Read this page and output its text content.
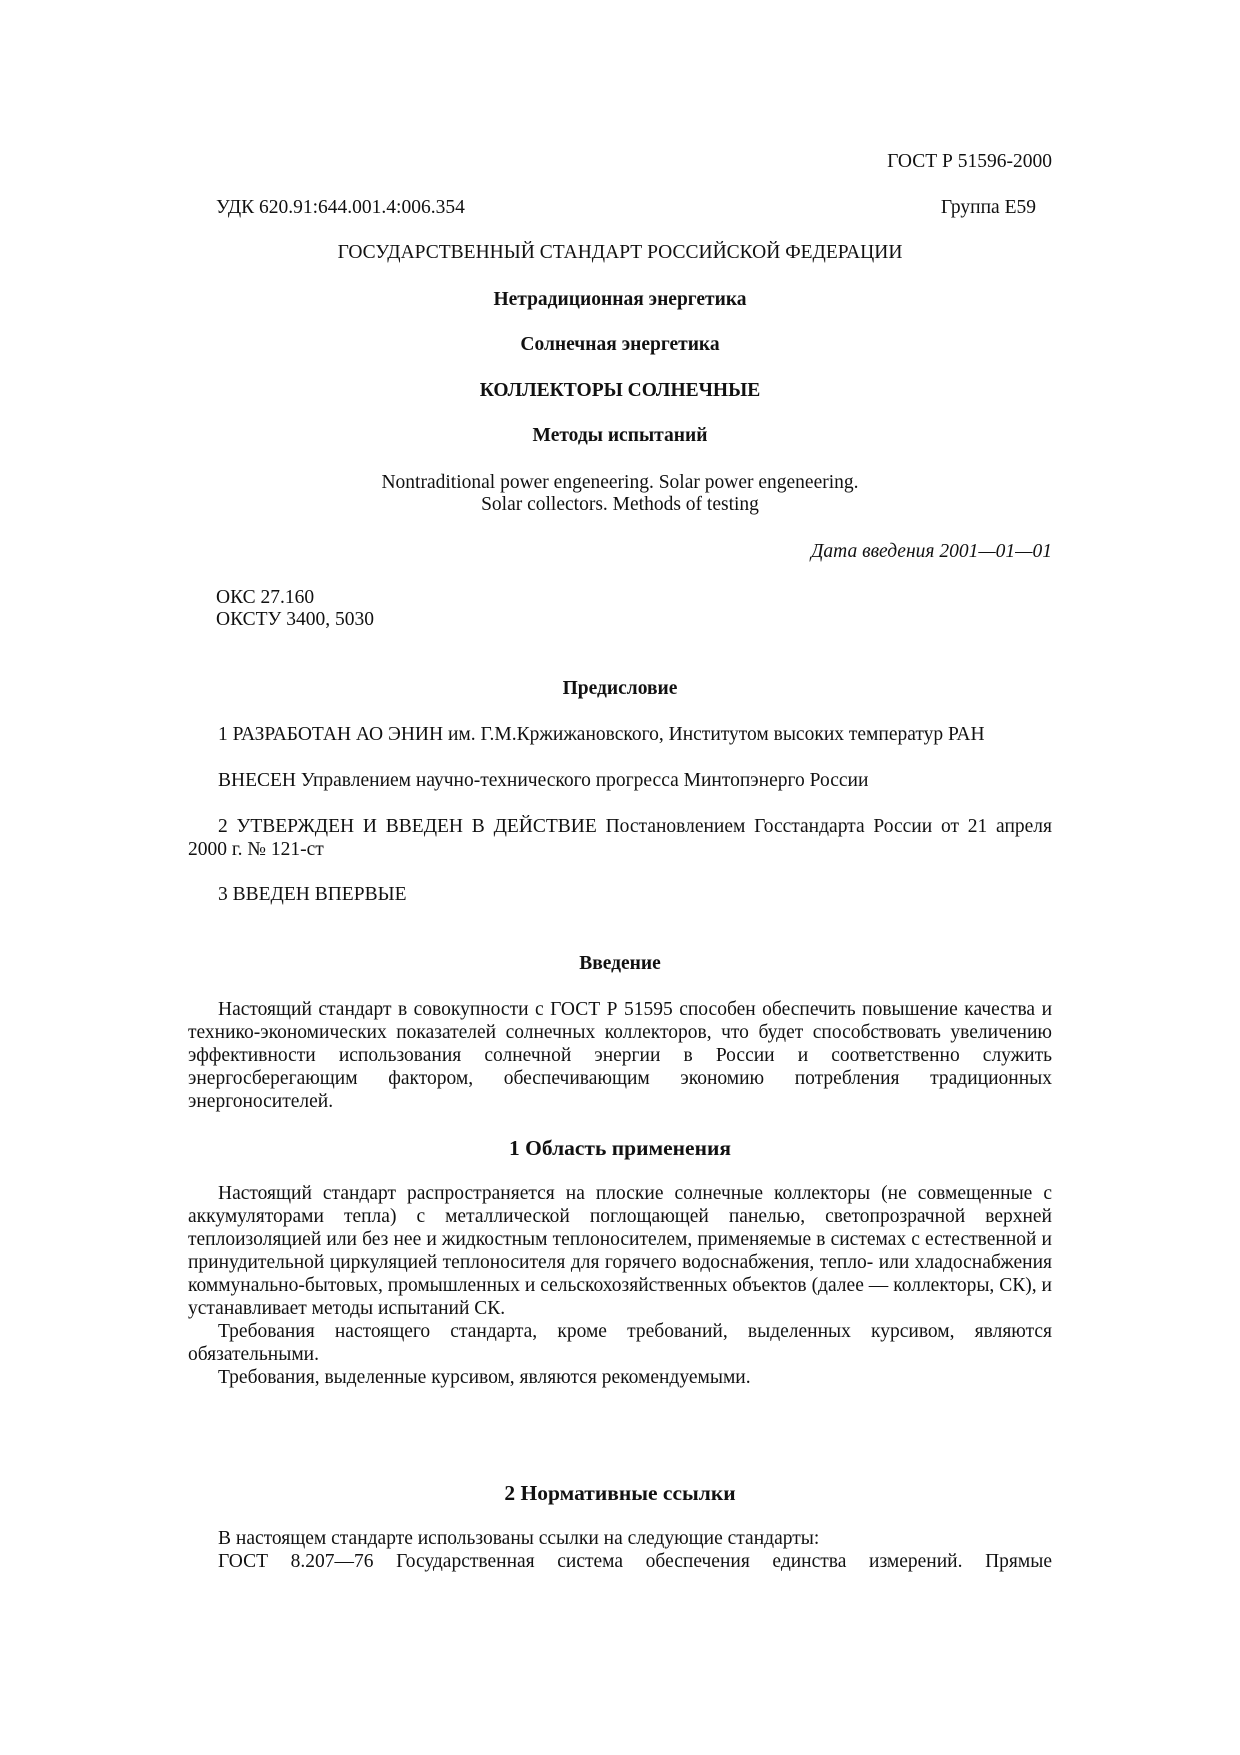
ГОСТ Р 51596-2000
УДК 620.91:644.001.4:006.354	Группа Е59
ГОСУДАРСТВЕННЫЙ СТАНДАРТ РОССИЙСКОЙ ФЕДЕРАЦИИ
Нетрадиционная энергетика
Солнечная энергетика
КОЛЛЕКТОРЫ СОЛНЕЧНЫЕ
Методы испытаний
Nontraditional power engeneering. Solar power engeneering.
Solar collectors. Methods of testing
Дата введения 2001—01—01
ОКС 27.160
ОКСТУ 3400, 5030
Предисловие
1 РАЗРАБОТАН АО ЭНИН им. Г.М.Кржижановского, Институтом высоких температур РАН
ВНЕСЕН Управлением научно-технического прогресса Минтопэнерго России

2 УТВЕРЖДЕН И ВВЕДЕН В ДЕЙСТВИЕ Постановлением Госстандарта России от 21 апреля 2000 г. № 121-ст

3 ВВЕДЕН ВПЕРВЫЕ
Введение

Настоящий стандарт в совокупности с ГОСТ Р 51595 способен обеспечить повышение качества и технико-экономических показателей солнечных коллекторов, что будет способствовать увеличению эффективности использования солнечной энергии в России и соответственно служить энергосберегающим фактором, обеспечивающим экономию потребления традиционных энергоносителей.

1 Область применения

Настоящий стандарт распространяется на плоские солнечные коллекторы (не совмещенные с аккумуляторами тепла) с металлической поглощающей панелью, светопрозрачной верхней теплоизоляцией или без нее и жидкостным теплоносителем, применяемые в системах с естественной и принудительной циркуляцией теплоносителя для горячего водоснабжения, тепло- или хладоснабжения коммунально-бытовых, промышленных и сельскохозяйственных объектов (далее — коллекторы, СК), и устанавливает методы испытаний СК.

Требования настоящего стандарта, кроме требований, выделенных курсивом, являются обязательными.

Требования, выделенные курсивом, являются рекомендуемыми.

2 Нормативные ссылки
В настоящем стандарте использованы ссылки на следующие стандарты:

ГОСТ 8.207—76 Государственная система обеспечения единства измерений. Прямые
